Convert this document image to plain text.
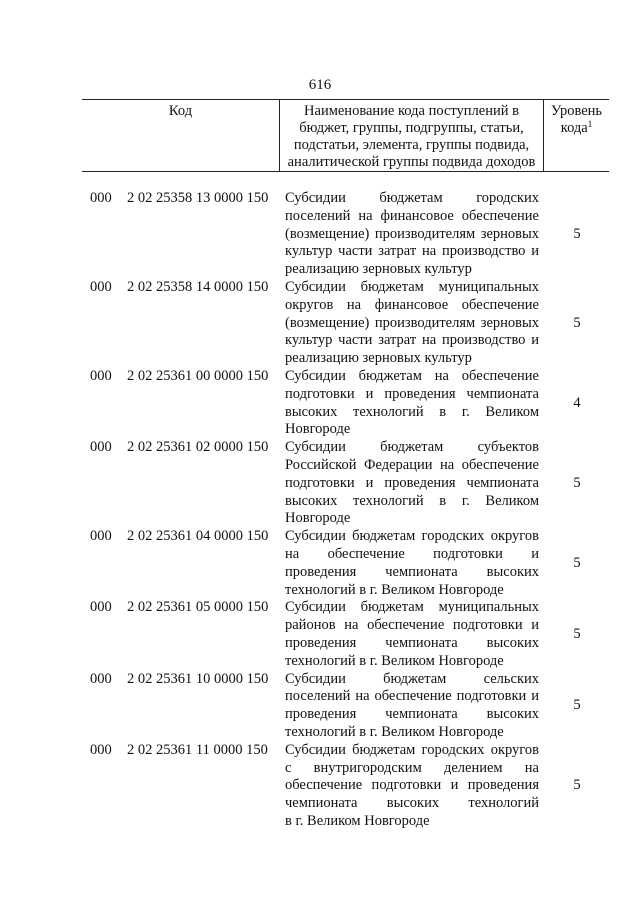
616
Код	Наименование кода поступлений в
бюджет, группы, подгруппы, статьи,
подстатьи, элемента, группы подвида,
аналитической группы подвида доходов
Уровень
кода$^1$
000 2 02 25358 13 0000 150	Субсидии бюджетам городских
поселений на финансовое обеспечение
(возмещение) производителям зерновых
культур части затрат на производство и
реализацию зерновых культур
5
000 2 02 25358 14 0000 150	Субсидии бюджетам муниципальных
округов на финансовое обеспечение
(возмещение) производителям зерновых
культур части затрат на производство и
реализацию зерновых культур
5
000 2 02 25361 00 0000 150	Субсидии бюджетам на обеспечение
подготовки и проведения чемпионата
высоких технологий в г. Великом
Новгороде
4
000 2 02 25361 02 0000 150	Субсидии бюджетам субъектов
Российской Федерации на обеспечение
подготовки и проведения чемпионата
высоких технологий в г. Великом
Новгороде
5
000 2 02 25361 04 0000 150	Субсидии бюджетам городских округов
на обеспечение подготовки и
проведения чемпионата высоких
технологий в г. Великом Новгороде
5
000 2 02 25361 05 0000 150	Субсидии бюджетам муниципальных
районов на обеспечение подготовки и
проведения чемпионата высоких
технологий в г. Великом Новгороде
5
000 2 02 25361 10 0000 150	Субсидии бюджетам сельских
поселений на обеспечение подготовки и
проведения чемпионата высоких
технологий в г. Великом Новгороде
5
000 2 02 25361 11 0000 150	Субсидии бюджетам городских округов
с внутригородским делением на
обеспечение подготовки и проведения
чемпионата высоких технологий
в г. Великом Новгороде
5
